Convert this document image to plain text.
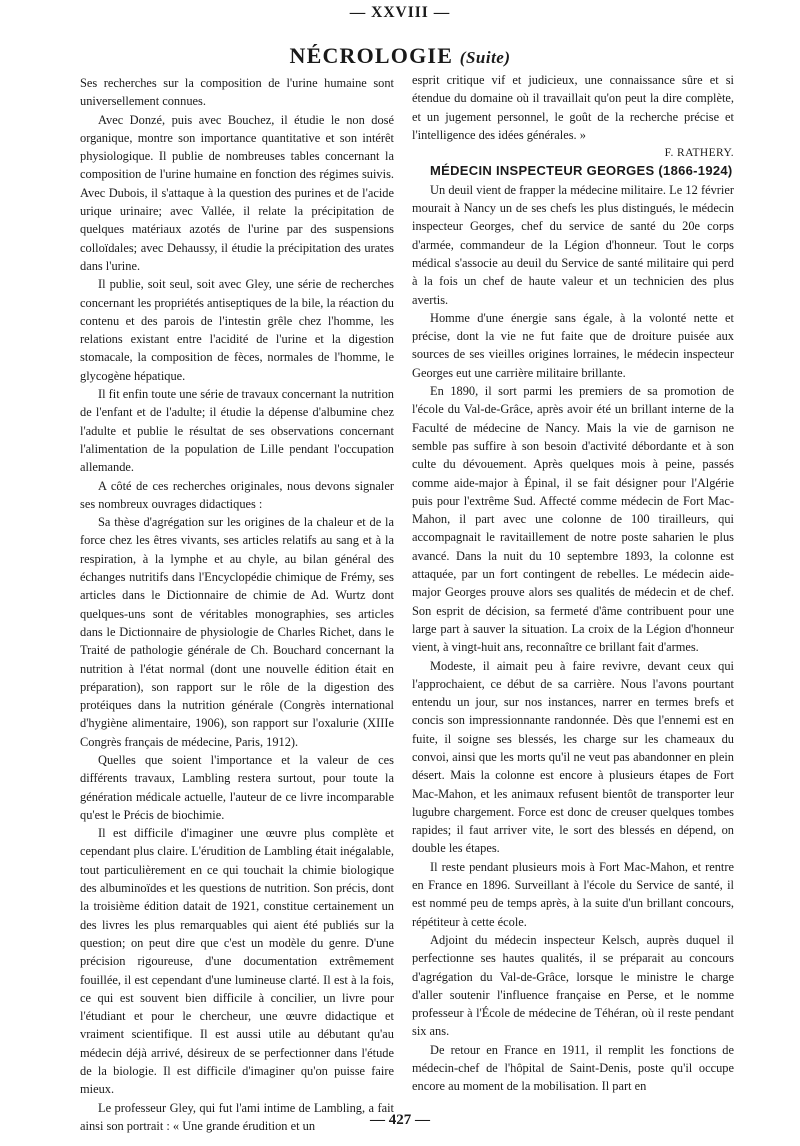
— XXVIII —
NÉCROLOGIE (Suite)

Ses recherches sur la composition de l'urine humaine sont universellement connues.

Avec Donzé, puis avec Bouchez, il étudie le non dosé organique, montre son importance quantitative et son intérêt physiologique. Il publie de nombreuses tables concernant la composition de l'urine humaine en fonction des régimes suivis. Avec Dubois, il s'attaque à la question des purines et de l'acide urique urinaire; avec Vallée, il relate la précipitation de quelques matériaux azotés de l'urine par des suspensions colloïdales; avec Dehaussy, il étudie la précipitation des urates dans l'urine.

Il publie, soit seul, soit avec Gley, une série de recherches concernant les propriétés antiseptiques de la bile, la réaction du contenu et des parois de l'intestin grêle chez l'homme, les relations existant entre l'acidité de l'urine et la digestion stomacale, la composition de fèces, normales de l'homme, le glycogène hépatique.

Il fit enfin toute une série de travaux concernant la nutrition de l'enfant et de l'adulte; il étudie la dépense d'albumine chez l'adulte et publie le résultat de ses observations concernant l'alimentation de la population de Lille pendant l'occupation allemande.

A côté de ces recherches originales, nous devons signaler ses nombreux ouvrages didactiques :

Sa thèse d'agrégation sur les origines de la chaleur et de la force chez les êtres vivants, ses articles relatifs au sang et à la respiration, à la lymphe et au chyle, au bilan général des échanges nutritifs dans l'Encyclopédie chimique de Frémy, ses articles dans le Dictionnaire de chimie de Ad. Wurtz dont quelques-uns sont de véritables monographies, ses articles dans le Dictionnaire de physiologie de Charles Richet, dans le Traité de pathologie générale de Ch. Bouchard concernant la nutrition à l'état normal (dont une nouvelle édition était en préparation), son rapport sur le rôle de la digestion des protéiques dans la nutrition générale (Congrès international d'hygiène alimentaire, 1906), son rapport sur l'oxalurie (XIIIe Congrès français de médecine, Paris, 1912).

Quelles que soient l'importance et la valeur de ces différents travaux, Lambling restera surtout, pour toute la génération médicale actuelle, l'auteur de ce livre incomparable qu'est le Précis de biochimie.

Il est difficile d'imaginer une œuvre plus complète et cependant plus claire. L'érudition de Lambling était inégalable, tout particulièrement en ce qui touchait la chimie biologique des albuminoïdes et les questions de nutrition. Son précis, dont la troisième édition datait de 1921, constitue certainement un des livres les plus remarquables qui aient été publiés sur la question; on peut dire que c'est un modèle du genre. D'une précision rigoureuse, d'une documentation extrêmement fouillée, il est cependant d'une lumineuse clarté. Il est à la fois, ce qui est souvent bien difficile à concilier, un livre pour l'étudiant et pour le chercheur, une œuvre didactique et vraiment scientifique. Il est aussi utile au débutant qu'au médecin déjà arrivé, désireux de se perfectionner dans l'étude de la biologie. Il est difficile d'imaginer qu'on puisse faire mieux.

Le professeur Gley, qui fut l'ami intime de Lambling, a fait ainsi son portrait : « Une grande érudition et un

esprit critique vif et judicieux, une connaissance sûre et si étendue du domaine où il travaillait qu'on peut la dire complète, et un jugement personnel, le goût de la recherche précise et l'intelligence des idées générales. »

F. RATHERY.

MÉDECIN INSPECTEUR GEORGES (1866-1924)

Un deuil vient de frapper la médecine militaire. Le 12 février mourait à Nancy un de ses chefs les plus distingués, le médecin inspecteur Georges, chef du service de santé du 20e corps d'armée, commandeur de la Légion d'honneur. Tout le corps médical s'associe au deuil du Service de santé militaire qui perd à la fois un chef de haute valeur et un technicien des plus avertis.

Homme d'une énergie sans égale, à la volonté nette et précise, dont la vie ne fut faite que de droiture puisée aux sources de ses vieilles origines lorraines, le médecin inspecteur Georges eut une carrière militaire brillante.

En 1890, il sort parmi les premiers de sa promotion de l'école du Val-de-Grâce, après avoir été un brillant interne de la Faculté de médecine de Nancy. Mais la vie de garnison ne semble pas suffire à son besoin d'activité débordante et à son culte du dévouement. Après quelques mois à peine, passés comme aide-major à Épinal, il se fait désigner pour l'Algérie puis pour l'extrême Sud. Affecté comme médecin de Fort Mac-Mahon, il part avec une colonne de 100 tirailleurs, qui accompagnait le ravitaillement de notre poste saharien le plus avancé. Dans la nuit du 10 septembre 1893, la colonne est attaquée, par un fort contingent de rebelles. Le médecin aide-major Georges prouve alors ses qualités de médecin et de chef. Son esprit de décision, sa fermeté d'âme contribuent pour une large part à sauver la situation. La croix de la Légion d'honneur vient, à vingt-huit ans, reconnaître ce brillant fait d'armes.

Modeste, il aimait peu à faire revivre, devant ceux qui l'approchaient, ce début de sa carrière. Nous l'avons pourtant entendu un jour, sur nos instances, narrer en termes brefs et concis son impressionnante randonnée. Dès que l'ennemi est en fuite, il soigne ses blessés, les charge sur les chameaux du convoi, ainsi que les morts qu'il ne veut pas abandonner en plein désert. Mais la colonne est encore à plusieurs étapes de Fort Mac-Mahon, et les animaux refusent bientôt de transporter leur lugubre chargement. Force est donc de creuser quelques tombes rapides; il faut arriver vite, le sort des blessés en dépend, on double les étapes.

Il reste pendant plusieurs mois à Fort Mac-Mahon, et rentre en France en 1896. Surveillant à l'école du Service de santé, il est nommé peu de temps après, à la suite d'un brillant concours, répétiteur à cette école.

Adjoint du médecin inspecteur Kelsch, auprès duquel il perfectionne ses hautes qualités, il se préparait au concours d'agrégation du Val-de-Grâce, lorsque le ministre le charge d'aller soutenir l'influence française en Perse, et le nomme professeur à l'École de médecine de Téhéran, où il reste pendant six ans.

De retour en France en 1911, il remplit les fonctions de médecin-chef de l'hôpital de Saint-Denis, poste qu'il occupe encore au moment de la mobilisation. Il part en

— 427 —
